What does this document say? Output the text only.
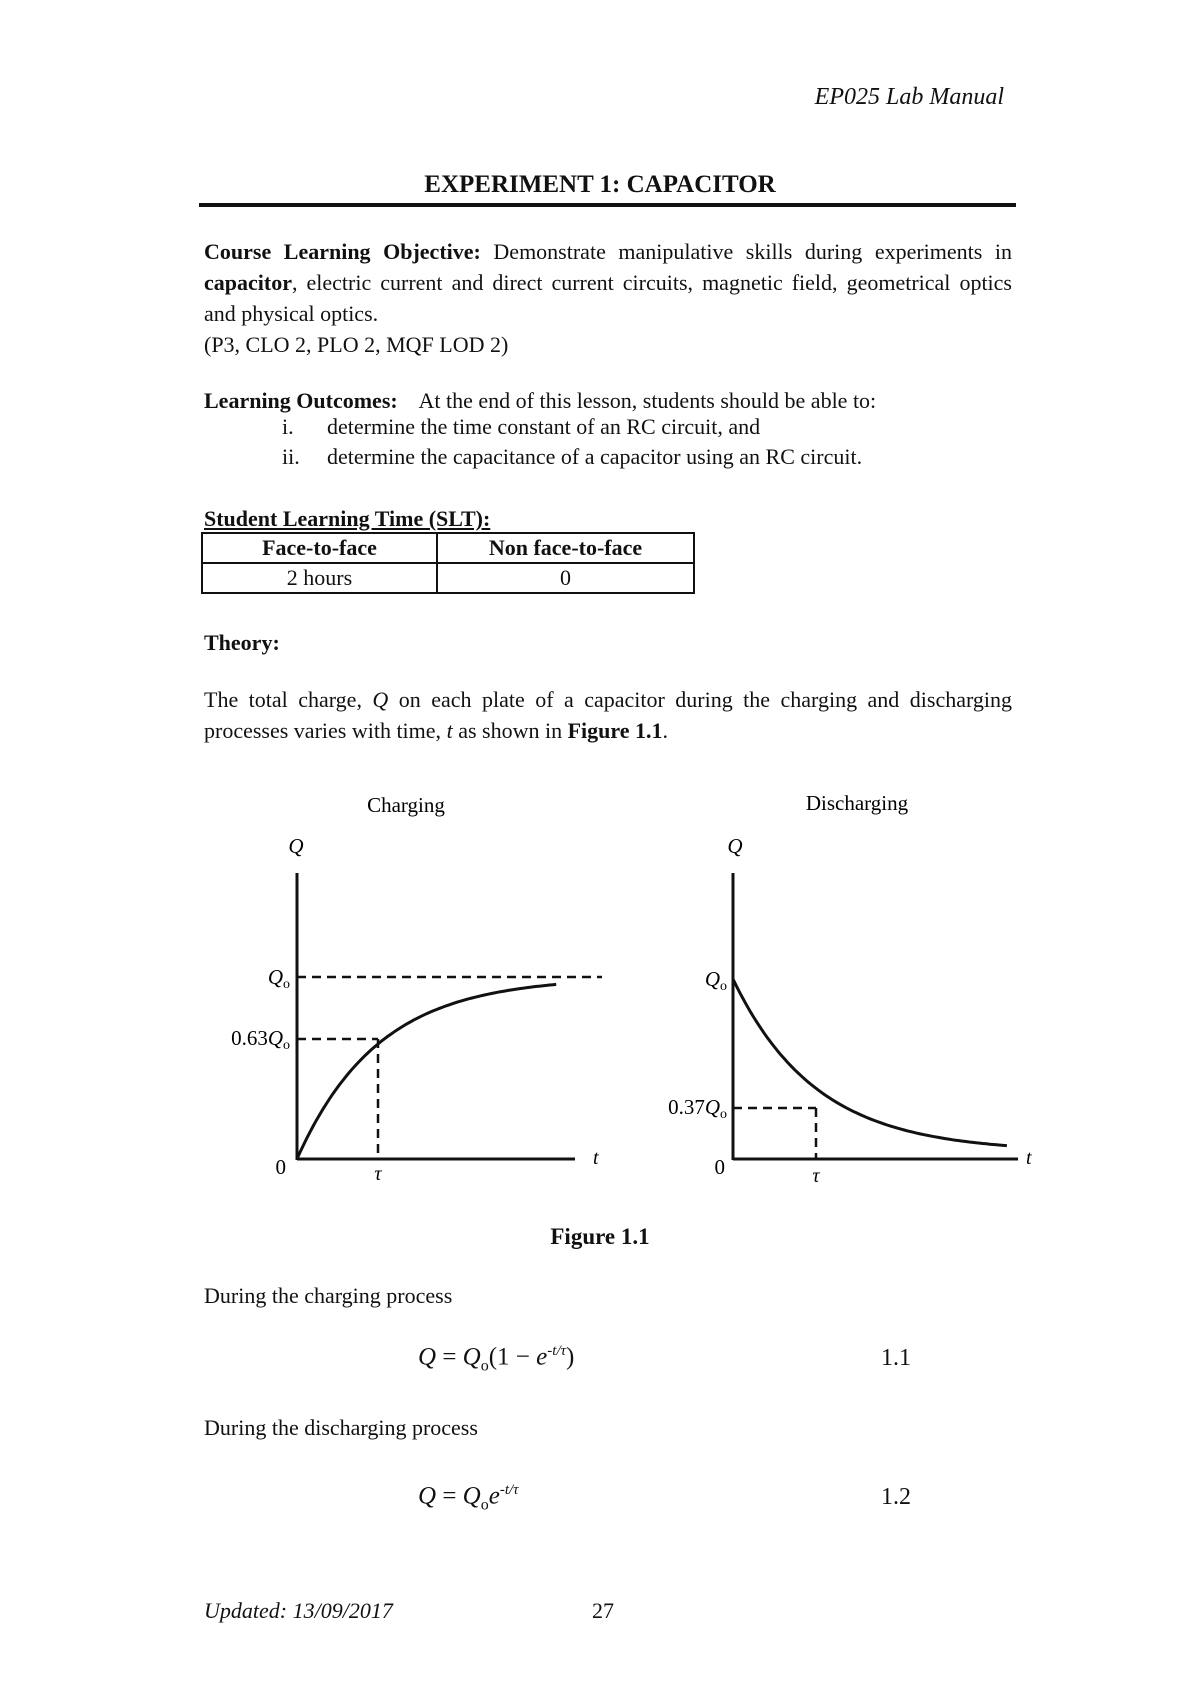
EP025 Lab Manual
EXPERIMENT 1: CAPACITOR
Course Learning Objective: Demonstrate manipulative skills during experiments in capacitor, electric current and direct current circuits, magnetic field, geometrical optics and physical optics.
(P3, CLO 2, PLO 2, MQF LOD 2)
Learning Outcomes: At the end of this lesson, students should be able to:
i. determine the time constant of an RC circuit, and
ii. determine the capacitance of a capacitor using an RC circuit.
Student Learning Time (SLT):
Face-to-face	Non face-to-face
2 hours	0
Theory:
The total charge, Q on each plate of a capacitor during the charging and discharging processes varies with time, t as shown in Figure 1.1.
Charging
Q
t
0
Qo
0.63Qo
τ
Discharging
Q
t
0
Qo
0.37Qo
τ
Figure 1.1
During the charging process
$Q = Q_o(1 - e^{-t/\tau})$	1.1
During the discharging process
$Q = Q_oe^{-t/\tau}$	1.2
Updated: 13/09/2017	27
